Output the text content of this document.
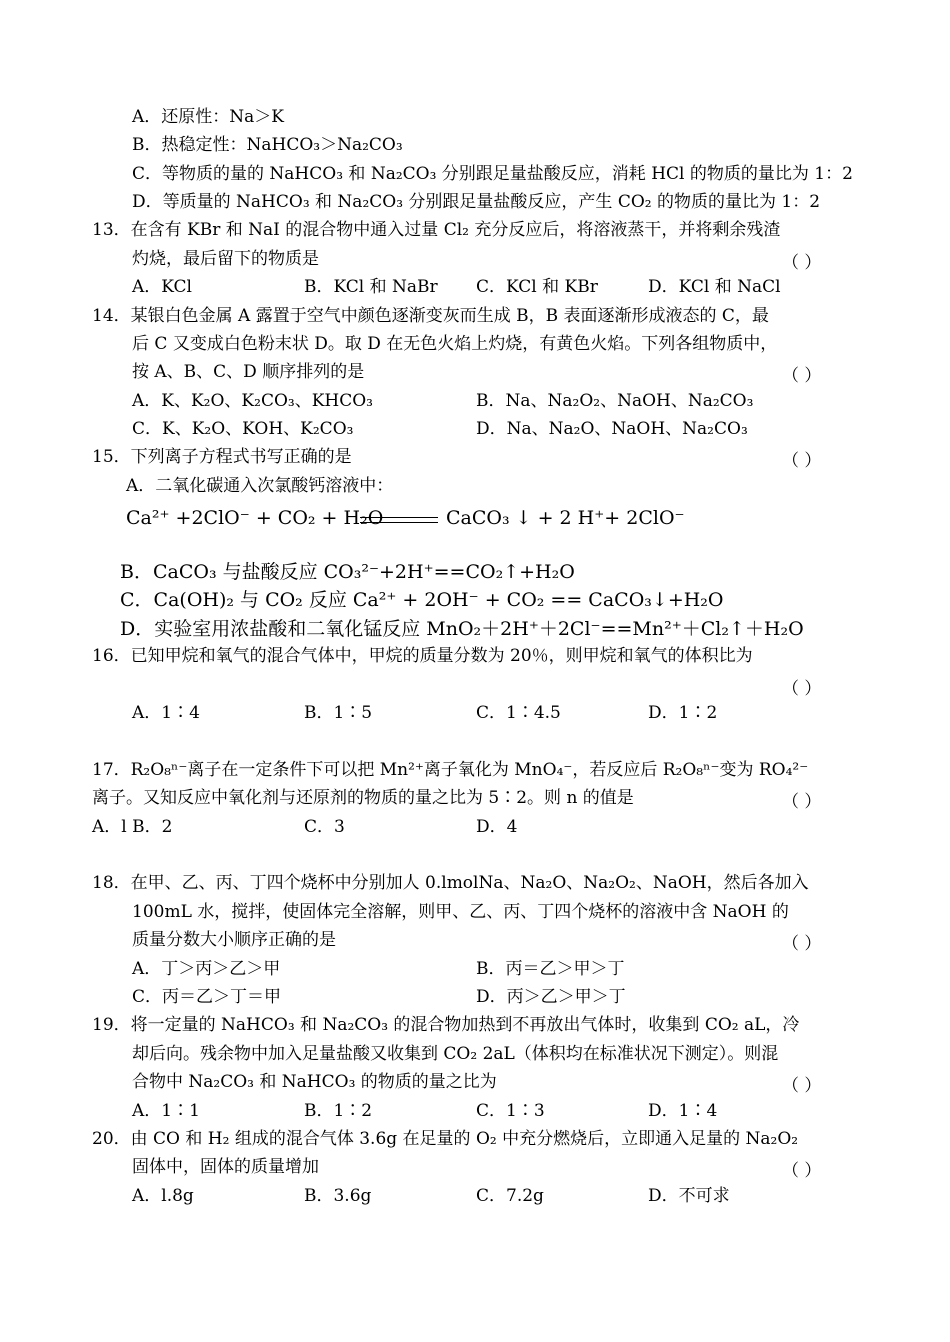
A．还原性：Na＞K
B．热稳定性：NaHCO₃＞Na₂CO₃
C．等物质的量的 NaHCO₃ 和 Na₂CO₃ 分别跟足量盐酸反应，消耗 HCl 的物质的量比为 1：2
D．等质量的 NaHCO₃ 和 Na₂CO₃ 分别跟足量盐酸反应，产生 CO₂ 的物质的量比为 1：2
13．在含有 KBr 和 NaI 的混合物中通入过量 Cl₂ 充分反应后，将溶液蒸干，并将剩余残渣
灼烧，最后留下的物质是	（ ）
A．KCl	B．KCl 和 NaBr C．KCl 和 KBr	D．KCl 和 NaCl
14．某银白色金属 A 露置于空气中颜色逐渐变灰而生成 B，B 表面逐渐形成液态的 C，最
后 C 又变成白色粉末状 D。取 D 在无色火焰上灼烧，有黄色火焰。下列各组物质中，
按 A、B、C、D 顺序排列的是	（ ）
A．K、K₂O、K₂CO₃、KHCO₃	B．Na、Na₂O₂、NaOH、Na₂CO₃
C．K、K₂O、KOH、K₂CO₃	D．Na、Na₂O、NaOH、Na₂CO₃
15．下列离子方程式书写正确的是	（ ）
A．二氧化碳通入次氯酸钙溶液中：
Ca²⁺ +2ClO⁻ + CO₂ + H₂O	CaCO₃ ↓ + 2 H⁺+ 2ClO⁻
B．CaCO₃ 与盐酸反应 CO₃²⁻+2H⁺==CO₂↑+H₂O
C．Ca(OH)₂ 与 CO₂ 反应 Ca²⁺ + 2OH⁻ + CO₂ == CaCO₃↓+H₂O
D．实验室用浓盐酸和二氧化锰反应 MnO₂＋2H⁺＋2Cl⁻==Mn²⁺＋Cl₂↑＋H₂O
16．已知甲烷和氧气的混合气体中，甲烷的质量分数为 20％，则甲烷和氧气的体积比为
（ ）
A．1∶4	B．1∶5	C．1∶4.5	D．1∶2
17．R₂O₈ⁿ⁻离子在一定条件下可以把 Mn²⁺离子氧化为 MnO₄⁻，若反应后 R₂O₈ⁿ⁻变为 RO₄²⁻
离子。又知反应中氧化剂与还原剂的物质的量之比为 5∶2。则 n 的值是	（ ）
A．l B．2	C．3	D．4
18．在甲、乙、丙、丁四个烧杯中分别加人 0.lmolNa、Na₂O、Na₂O₂、NaOH，然后各加入
100mL 水，搅拌，使固体完全溶解，则甲、乙、丙、丁四个烧杯的溶液中含 NaOH 的
质量分数大小顺序正确的是	（ ）
A．丁＞丙＞乙＞甲	B．丙＝乙＞甲＞丁
C．丙＝乙＞丁＝甲	D．丙＞乙＞甲＞丁
19．将一定量的 NaHCO₃ 和 Na₂CO₃ 的混合物加热到不再放出气体时，收集到 CO₂ aL，冷
却后向。残余物中加入足量盐酸又收集到 CO₂ 2aL（体积均在标准状况下测定）。则混
合物中 Na₂CO₃ 和 NaHCO₃ 的物质的量之比为	（ ）
A．1∶1	B．1∶2	C．1∶3	D．1∶4
20．由 CO 和 H₂ 组成的混合气体 3.6g 在足量的 O₂ 中充分燃烧后，立即通入足量的 Na₂O₂
固体中，固体的质量增加	（ ）
A．l.8g	B．3.6g	C．7.2g	D．不可求
